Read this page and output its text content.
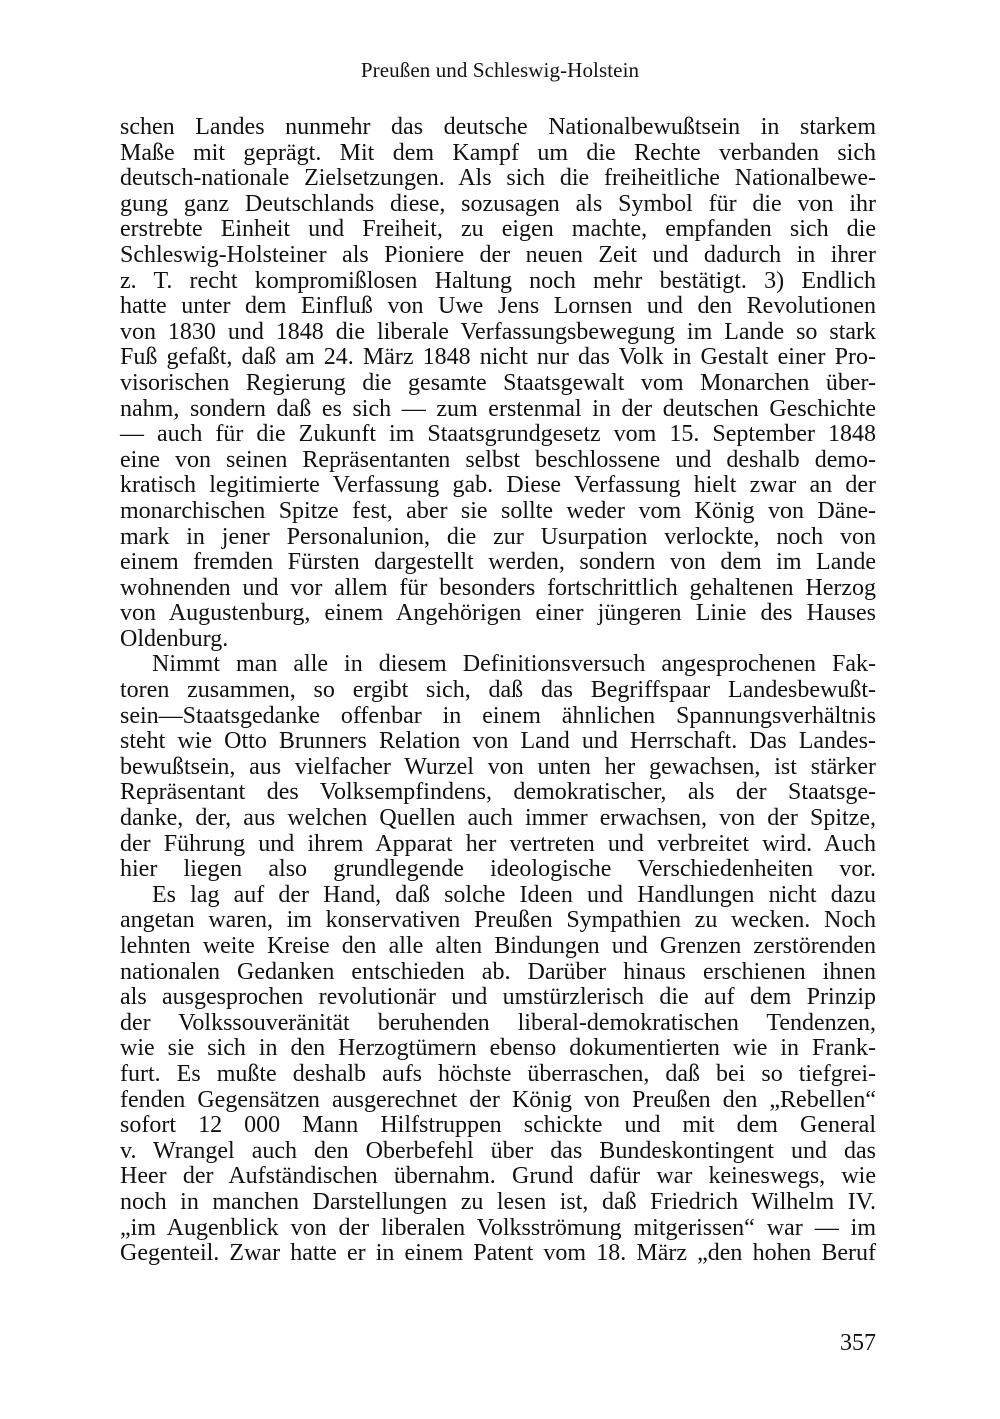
Preußen und Schleswig-Holstein
schen Landes nunmehr das deutsche Nationalbewußtsein in starkem
Maße mit geprägt. Mit dem Kampf um die Rechte verbanden sich
deutsch-nationale Zielsetzungen. Als sich die freiheitliche Nationalbewe-
gung ganz Deutschlands diese, sozusagen als Symbol für die von ihr
erstrebte Einheit und Freiheit, zu eigen machte, empfanden sich die
Schleswig-Holsteiner als Pioniere der neuen Zeit und dadurch in ihrer
z. T. recht kompromißlosen Haltung noch mehr bestätigt. 3) Endlich
hatte unter dem Einfluß von Uwe Jens Lornsen und den Revolutionen
von 1830 und 1848 die liberale Verfassungsbewegung im Lande so stark
Fuß gefaßt, daß am 24. März 1848 nicht nur das Volk in Gestalt einer Pro-
visorischen Regierung die gesamte Staatsgewalt vom Monarchen über-
nahm, sondern daß es sich — zum erstenmal in der deutschen Geschichte
— auch für die Zukunft im Staatsgrundgesetz vom 15. September 1848
eine von seinen Repräsentanten selbst beschlossene und deshalb demo-
kratisch legitimierte Verfassung gab. Diese Verfassung hielt zwar an der
monarchischen Spitze fest, aber sie sollte weder vom König von Däne-
mark in jener Personalunion, die zur Usurpation verlockte, noch von
einem fremden Fürsten dargestellt werden, sondern von dem im Lande
wohnenden und vor allem für besonders fortschrittlich gehaltenen Herzog
von Augustenburg, einem Angehörigen einer jüngeren Linie des Hauses
Oldenburg.
Nimmt man alle in diesem Definitionsversuch angesprochenen Fak-
toren zusammen, so ergibt sich, daß das Begriffspaar Landesbewußt-
sein—Staatsgedanke offenbar in einem ähnlichen Spannungsverhältnis
steht wie Otto Brunners Relation von Land und Herrschaft. Das Landes-
bewußtsein, aus vielfacher Wurzel von unten her gewachsen, ist stärker
Repräsentant des Volksempfindens, demokratischer, als der Staatsge-
danke, der, aus welchen Quellen auch immer erwachsen, von der Spitze,
der Führung und ihrem Apparat her vertreten und verbreitet wird. Auch
hier liegen also grundlegende ideologische Verschiedenheiten vor.
Es lag auf der Hand, daß solche Ideen und Handlungen nicht dazu
angetan waren, im konservativen Preußen Sympathien zu wecken. Noch
lehnten weite Kreise den alle alten Bindungen und Grenzen zerstörenden
nationalen Gedanken entschieden ab. Darüber hinaus erschienen ihnen
als ausgesprochen revolutionär und umstürzlerisch die auf dem Prinzip
der Volkssouveränität beruhenden liberal-demokratischen Tendenzen,
wie sie sich in den Herzogtümern ebenso dokumentierten wie in Frank-
furt. Es mußte deshalb aufs höchste überraschen, daß bei so tiefgrei-
fenden Gegensätzen ausgerechnet der König von Preußen den „Rebellen“
sofort 12 000 Mann Hilfstruppen schickte und mit dem General
v. Wrangel auch den Oberbefehl über das Bundeskontingent und das
Heer der Aufständischen übernahm. Grund dafür war keineswegs, wie
noch in manchen Darstellungen zu lesen ist, daß Friedrich Wilhelm IV.
„im Augenblick von der liberalen Volksströmung mitgerissen“ war — im
Gegenteil. Zwar hatte er in einem Patent vom 18. März „den hohen Beruf
357
